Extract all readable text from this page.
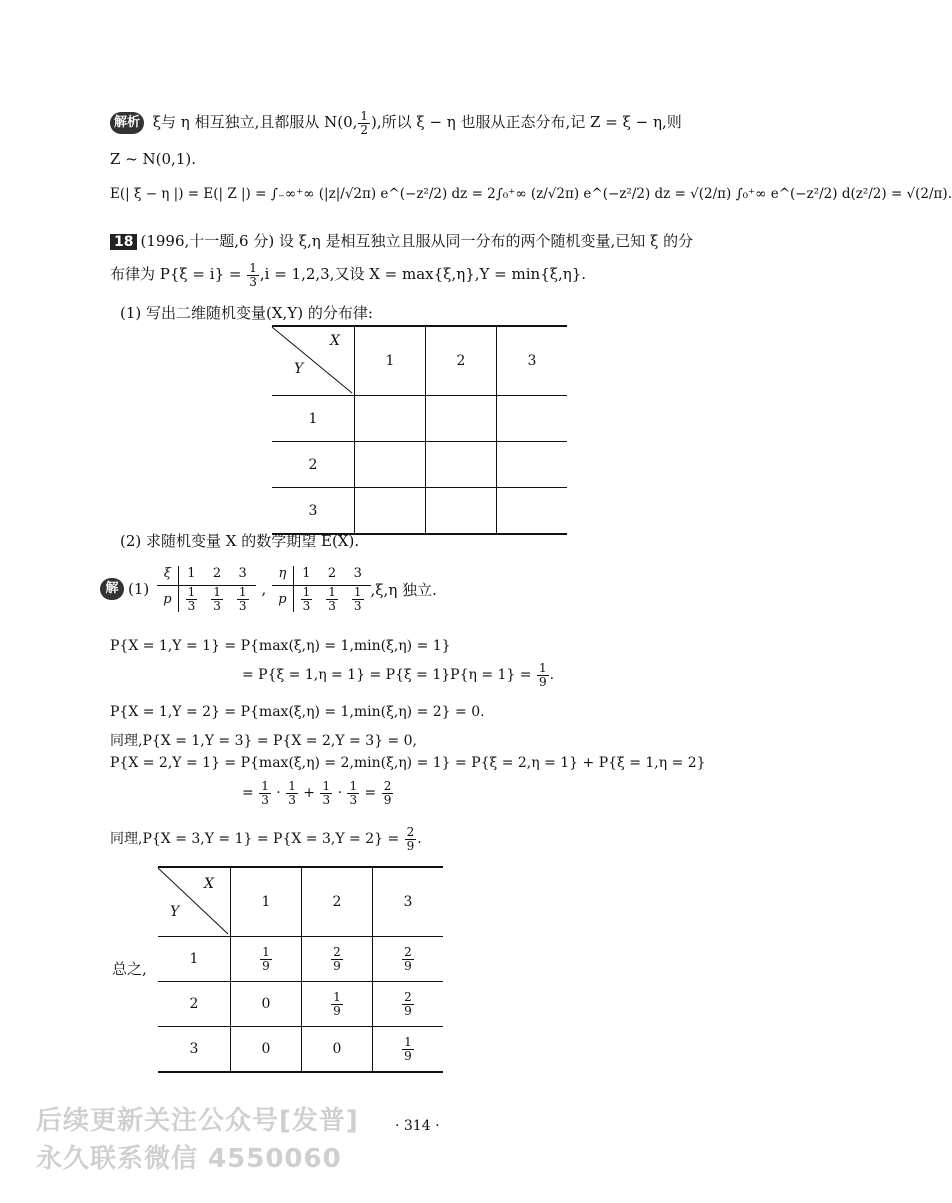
解析 ξ与 η 相互独立,且都服从 N(0, $\frac{1}{2}$ ),所以 ξ − η 也服从正态分布,记 Z = ξ − η,则
Z ~ N(0,1).
E(| ξ − η |) = E(| Z |) = ∫₋∞⁺∞ (|z|/√2π) e^(−z²/2) dz = 2∫₀⁺∞ (z/√2π) e^(−z²/2) dz = √(2/π) ∫₀⁺∞ e^(−z²/2) d(z²/2) = √(2/π).
18 (1996,十一题,6 分) 设 ξ,η 是相互独立且服从同一分布的两个随机变量,已知 ξ 的分
布律为 $P\{\xi = i\} = \frac{1}{3} ,i = 1,2,3$,又设 X = max{ξ,η},Y = min{ξ,η}.
(1) 写出二维随机变量(X,Y) 的分布律:
X
Y	1	2	3
1			
2			
3			
(2) 求随机变量 X 的数学期望 E(X).
解 (1)
ξ	1	2	3
p	$\frac{1}{3}$	$\frac{1}{3}$	$\frac{1}{3}$ ,
η	1	2	3
p	$\frac{1}{3}$	$\frac{1}{3}$	$\frac{1}{3} ,\xi,\eta$ 独立.
P{X = 1,Y = 1} = P{max(ξ,η) = 1,min(ξ,η) = 1}
= $P\{\xi = 1,\eta = 1\} = P\{\xi = 1\}P\{\eta = 1\} = \frac{1}{9}$ .
P{X = 1,Y = 2} = P{max(ξ,η) = 1,min(ξ,η) = 2} = 0.
同理,P{X = 1,Y = 3} = P{X = 2,Y = 3} = 0,
P{X = 2,Y = 1} = P{max(ξ,η) = 2,min(ξ,η) = 1} = P{ξ = 2,η = 1} + P{ξ = 1,η = 2}
= $\frac{1}{3} \cdot \frac{1}{3} + \frac{1}{3} \cdot \frac{1}{3} = \frac{2}{9}$
同理$,P\{X = 3,Y = 1\} = P\{X = 3,Y = 2\} = \frac{2}{9}$ .
总之,
X
Y	1	2	3
1	$\frac{1}{9}$	$\frac{2}{9}$	$\frac{2}{9}$

2	0	$\frac{1}{9}$	$\frac{2}{9}$

3	0	0	$\frac{1}{9}$
· 314 ·
后续更新关注公众号[发普]
永久联系微信 4550060
